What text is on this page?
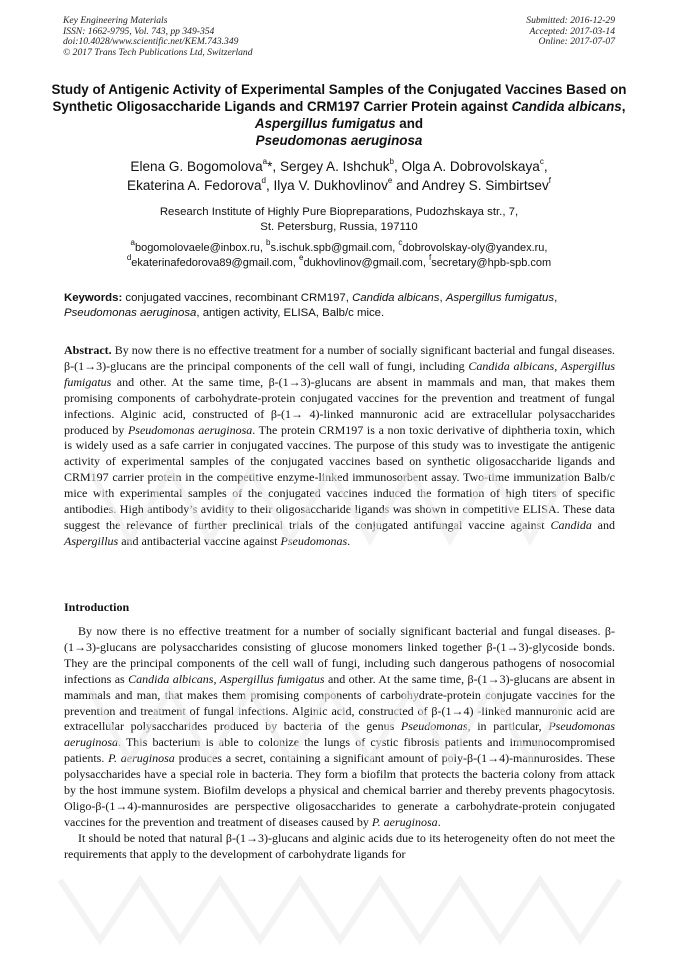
Key Engineering Materials
ISSN: 1662-9795, Vol. 743, pp 349-354
doi:10.4028/www.scientific.net/KEM.743.349
© 2017 Trans Tech Publications Ltd, Switzerland
Submitted: 2016-12-29
Accepted: 2017-03-14
Online: 2017-07-07
Study of Antigenic Activity of Experimental Samples of the Conjugated Vaccines Based on Synthetic Oligosaccharide Ligands and CRM197 Carrier Protein against Candida albicans, Aspergillus fumigatus and
Pseudomonas aeruginosa
Elena G. Bogomolova$^a$*, Sergey A. Ishchuk$^b$, Olga A. Dobrovolskaya$^c$,
Ekaterina A. Fedorova$^d$, Ilya V. Dukhovlinov$^e$ and Andrey S. Simbirtsev$^f$
Research Institute of Highly Pure Biopreparations, Pudozhskaya str., 7,
St. Petersburg, Russia, 197110
$^a$bogomolovaele@inbox.ru, $^b$s.ischuk.spb@gmail.com, $^c$dobrovolskay-oly@yandex.ru,
$^d$ekaterinafedorova89@gmail.com, $^e$dukhovlinov@gmail.com, $^f$secretary@hpb-spb.com
Keywords: conjugated vaccines, recombinant CRM197, Candida albicans, Aspergillus fumigatus, Pseudomonas aeruginosa, antigen activity, ELISA, Balb/c mice.
Abstract. By now there is no effective treatment for a number of socially significant bacterial and fungal diseases. β-(1→3)-glucans are the principal components of the cell wall of fungi, including Candida albicans, Aspergillus fumigatus and other. At the same time, β-(1→3)-glucans are absent in mammals and man, that makes them promising components of carbohydrate-protein conjugated vaccines for the prevention and treatment of fungal infections. Alginic acid, constructed of β-(1→ 4)-linked mannuronic acid are extracellular polysaccharides produced by Pseudomonas aeruginosa. The protein CRM197 is a non toxic derivative of diphtheria toxin, which is widely used as a safe carrier in conjugated vaccines. The purpose of this study was to investigate the antigenic activity of experimental samples of the conjugated vaccines based on synthetic oligosaccharide ligands and CRM197 carrier protein in the competitive enzyme-linked immunosorbent assay. Two-time immunization Balb/c mice with experimental samples of the conjugated vaccines induced the formation of high titers of specific antibodies. High antibody’s avidity to their oligosaccharide ligands was shown in competitive ELISA. These data suggest the relevance of further preclinical trials of the conjugated antifungal vaccine against Candida and Aspergillus and antibacterial vaccine against Pseudomonas.
Introduction

By now there is no effective treatment for a number of socially significant bacterial and fungal diseases. β-(1→3)-glucans are polysaccharides consisting of glucose monomers linked together β-(1→3)-glycoside bonds. They are the principal components of the cell wall of fungi, including such dangerous pathogens of nosocomial infections as Candida albicans, Aspergillus fumigatus and other. At the same time, β-(1→3)-glucans are absent in mammals and man, that makes them promising components of carbohydrate-protein conjugate vaccines for the prevention and treatment of fungal infections. Alginic acid, constructed of β-(1→4) -linked mannuronic acid are extracellular polysaccharides produced by bacteria of the genus Pseudomonas, in particular, Pseudomonas aeruginosa. This bacterium is able to colonize the lungs of cystic fibrosis patients and immunocompromised patients. P. aeruginosa produces a secret, containing a significant amount of poly-β-(1→4)-mannurosides. These polysaccharides have a special role in bacteria. They form a biofilm that protects the bacteria colony from attack by the host immune system. Biofilm develops a physical and chemical barrier and thereby prevents phagocytosis. Oligo-β-(1→4)-mannurosides are perspective oligosaccharides to generate a carbohydrate-protein conjugated vaccines for the prevention and treatment of diseases caused by P. aeruginosa.

It should be noted that natural β-(1→3)-glucans and alginic acids due to its heterogeneity often do not meet the requirements that apply to the development of carbohydrate ligands for
